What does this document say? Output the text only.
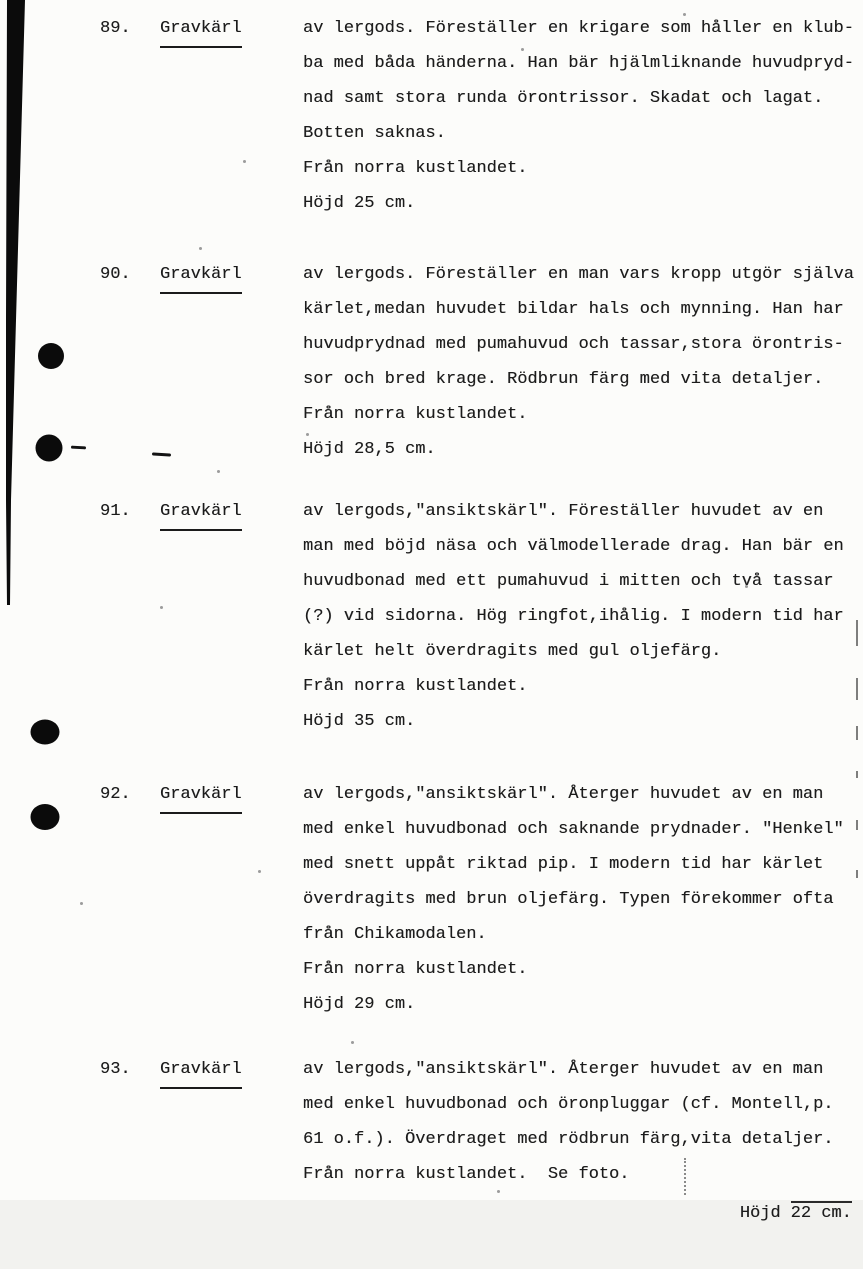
89. Gravkärl	av lergods. Föreställer en krigare som håller en klub-
ba med båda händerna. Han bär hjälmliknande huvudpryd-
nad samt stora runda örontrissor. Skadat och lagat.
Botten saknas.
Från norra kustlandet.
Höjd 25 cm.
90. Gravkärl	av lergods. Föreställer en man vars kropp utgör själva
kärlet,medan huvudet bildar hals och mynning. Han har
huvudprydnad med pumahuvud och tassar,stora örontris-
sor och bred krage. Rödbrun färg med vita detaljer.
Från norra kustlandet.
Höjd 28,5 cm.
91. Gravkärl	av lergods,"ansiktskärl". Föreställer huvudet av en
man med böjd näsa och välmodellerade drag. Han bär en
huvudbonad med ett pumahuvud i mitten och två tassar
(?) vid sidorna. Hög ringfot,ihålig. I modern tid har
kärlet helt överdragits med gul oljefärg.
Från norra kustlandet.
Höjd 35 cm.
92. Gravkärl	av lergods,"ansiktskärl". Återger huvudet av en man
med enkel huvudbonad och saknande prydnader. "Henkel"
med snett uppåt riktad pip. I modern tid har kärlet
överdragits med brun oljefärg. Typen förekommer ofta
från Chikamodalen.
Från norra kustlandet.
Höjd 29 cm.
93. Gravkärl	av lergods,"ansiktskärl". Återger huvudet av en man
med enkel huvudbonad och öronpluggar (cf. Montell,p.
61 o.f.). Överdraget med rödbrun färg,vita detaljer.
Från norra kustlandet.  Se foto.

Höjd 22 cm.
